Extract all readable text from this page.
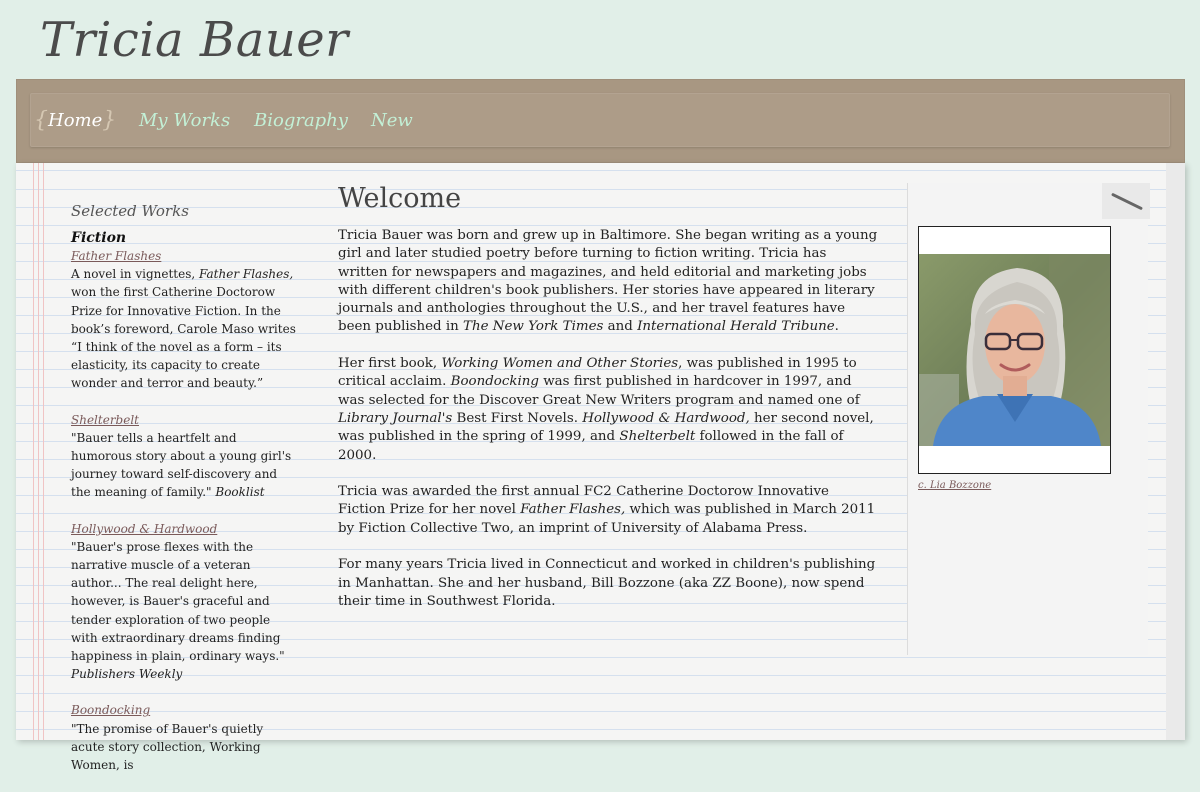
Tricia Bauer
{Home} My Works Biography New
Selected Works
Fiction
Father Flashes
A novel in vignettes, Father Flashes, won the first Catherine Doctorow Prize for Innovative Fiction. In the book’s foreword, Carole Maso writes “I think of the novel as a form – its elasticity, its capacity to create wonder and terror and beauty.”
Shelterbelt
"Bauer tells a heartfelt and humorous story about a young girl's journey toward self-discovery and the meaning of family." Booklist
Hollywood & Hardwood
"Bauer's prose flexes with the narrative muscle of a veteran author... The real delight here, however, is Bauer's graceful and tender exploration of two people with extraordinary dreams finding happiness in plain, ordinary ways." Publishers Weekly
Boondocking
"The promise of Bauer's quietly acute story collection, Working Women, is
Welcome

Tricia Bauer was born and grew up in Baltimore. She began writing as a young girl and later studied poetry before turning to fiction writing. Tricia has written for newspapers and magazines, and held editorial and marketing jobs with different children's book publishers. Her stories have appeared in literary journals and anthologies throughout the U.S., and her travel features have been published in The New York Times and International Herald Tribune.

Her first book, Working Women and Other Stories, was published in 1995 to critical acclaim. Boondocking was first published in hardcover in 1997, and was selected for the Discover Great New Writers program and named one of Library Journal's Best First Novels. Hollywood & Hardwood, her second novel, was published in the spring of 1999, and Shelterbelt followed in the fall of 2000.

Tricia was awarded the first annual FC2 Catherine Doctorow Innovative Fiction Prize for her novel Father Flashes, which was published in March 2011 by Fiction Collective Two, an imprint of University of Alabama Press.

For many years Tricia lived in Connecticut and worked in children's publishing in Manhattan. She and her husband, Bill Bozzone (aka ZZ Boone), now spend their time in Southwest Florida.

c. Lia Bozzone
